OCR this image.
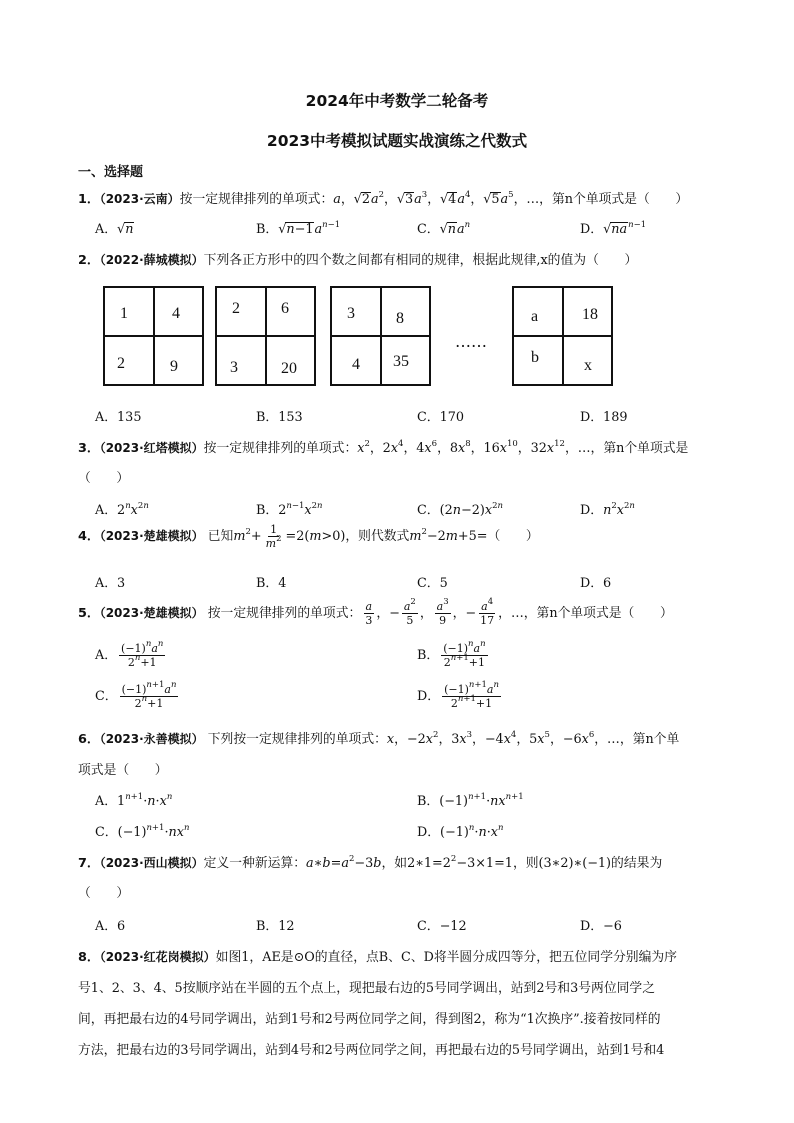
2024年中考数学二轮备考
2023中考模拟试题实战演练之代数式
一、选择题
1．（2023·云南）按一定规律排列的单项式：a，$√2a^2$，$√3a^3$，$√4a^4$，$√5a^5$，…，第n个单项式是（　　）
A．√n	B．$√n-1a^{n-1}$	C．$√na^n$	D．$√na^{n-1}$
2．（2022·薛城模拟）下列各正方形中的四个数之间都有相同的规律，根据此规律,x的值为（　　）
1	4
2	9
2	6
3	20
3	8
4 35
……
a	18
b	x
A．135	B．153	C．170	D．189
3．（2023·红塔模拟）按一定规律排列的单项式：$x^2$，$2x^4$，$4x^6$，$8x^8$，$16x^{10}$，$32x^{12}$，…，第n个单项式是
（　　）
A．$2^nx^{2n}$	B．$2^{n-1}x^{2n}$	C．$(2n-2)x^{2n}$	D．$n^2x^{2n}$
4．（2023·楚雄模拟） 已知$m^2+ \frac{1}{m^2} =2(m>0)$，则代数式$m^2-2m+5=$（　　）
A．3	B．4	C．5	D．6
5．（2023·楚雄模拟） 按一定规律排列的单项式： $\frac{a}{3}$ ，− $\frac{a^2}{5}$ ， $\frac{a^3}{9}$ ，− $\frac{a^4}{17}$ ，…，第n个单项式是（　　）
A． $\frac{(-1)^na^n}{2^n+1}$	B． $\frac{(-1)^na^n}{2^{n+1}+1}$
C． $\frac{(-1)^{n+1}a^n}{2^n+1}$	D． $\frac{(-1)^{n+1}a^n}{2^{n+1}+1}$
6．（2023·永善模拟） 下列按一定规律排列的单项式：x，$-2x^2$，$3x^3$，$-4x^4$，$5x^5$，$-6x^6$，…，第n个单
项式是（　　）
A．$1^{n+1}\cdot n\cdot x^n$	B．$(-1)^{n+1}\cdot nx^{n+1}$
C．$(-1)^{n+1}\cdot nx^n$	D．$(-1)^n\cdot n\cdot x^n$
7．（2023·西山模拟）定义一种新运算：$a∗b=a^2-3b$，如$2∗1=2^2-3\times 1=1$，则(3∗2)∗(−1)的结果为
（　　）
A．6	B．12	C．−12	D．−6
8．（2023·红花岗模拟）如图1，AE是⊙O的直径，点B、C、D将半圆分成四等分，把五位同学分别编为序
号1、2、3、4、5按顺序站在半圆的五个点上，现把最右边的5号同学调出，站到2号和3号两位同学之
间，再把最右边的4号同学调出，站到1号和2号两位同学之间，得到图2，称为“1次换序”.接着按同样的
方法，把最右边的3号同学调出，站到4号和2号两位同学之间，再把最右边的5号同学调出，站到1号和4
